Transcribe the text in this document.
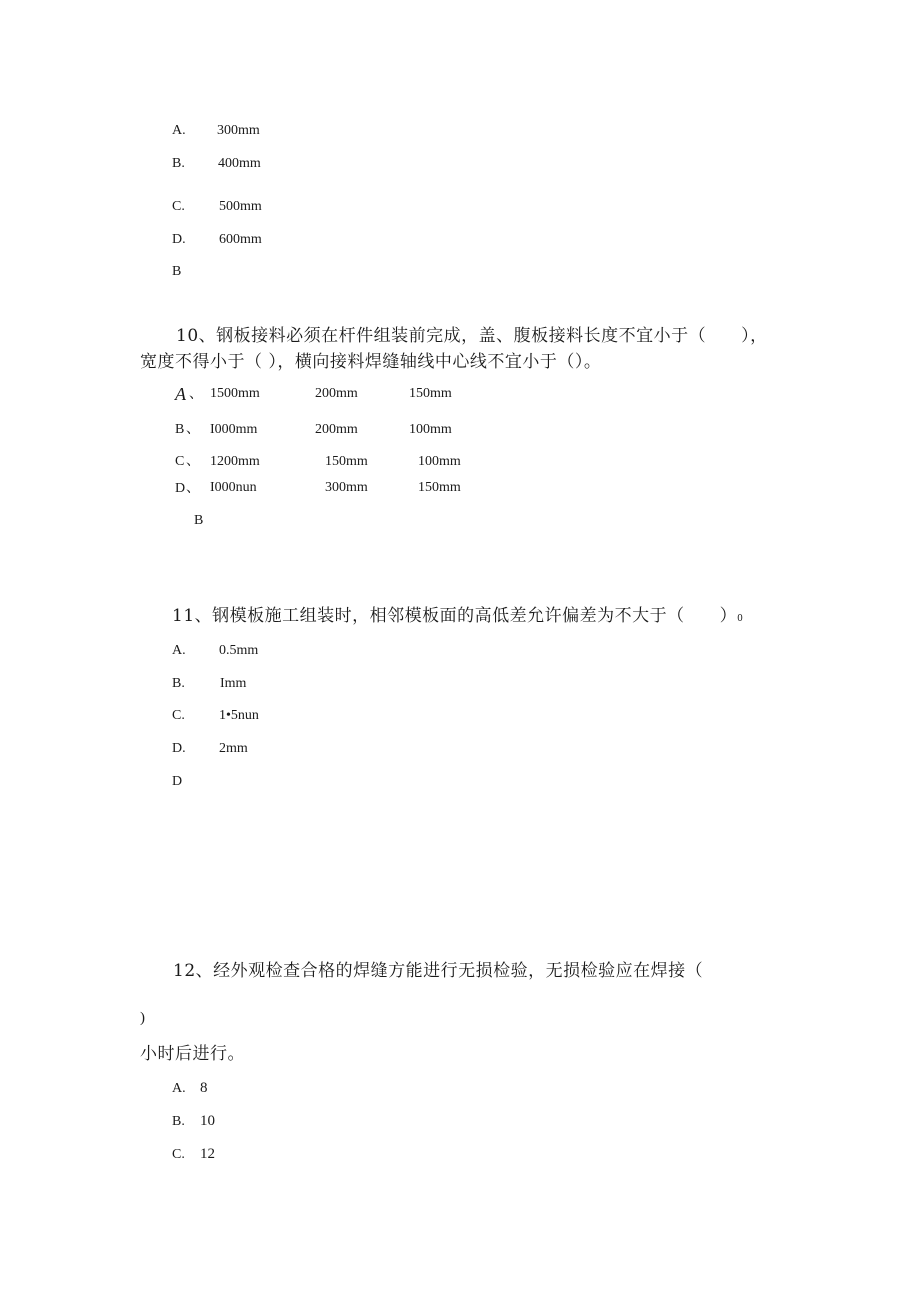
A. 300mm
B. 400mm
C. 500mm
D. 600mm
B
10、钢板接料必须在杆件组装前完成，盖、腹板接料长度不宜小于（　　），
宽度不得小于（ ），横向接料焊缝轴线中心线不宜小于（）。
A 、 1500mm	200mm	150mm
B 、 I000mm	200mm	100mm
C 、 1200mm	150mm	100mm
D 、 I000nun	300mm	150mm
B
11、钢模板施工组装时，相邻模板面的高低差允许偏差为不大于（　　）0
A. 0.5mm
B.	Imm
C. 1•5nun
D. 2mm
D
12、经外观检查合格的焊缝方能进行无损检验，无损检验应在焊接（
)
小时后进行。
A. 8
B. 10
C. 12
